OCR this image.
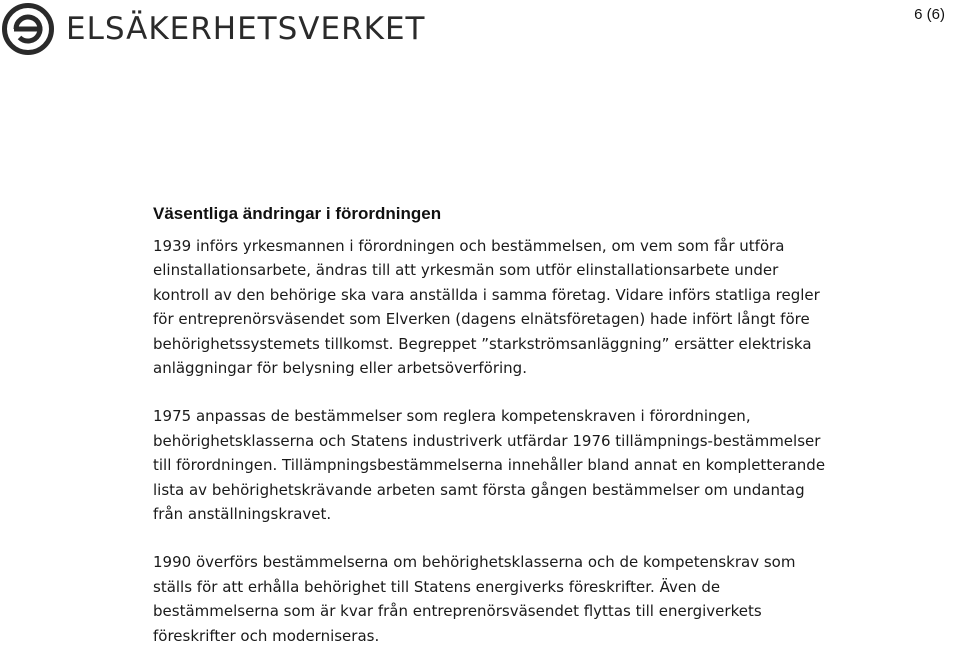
ELSÄKERHETSVERKET	6 (6)
Väsentliga ändringar i förordningen

1939 införs yrkesmannen i förordningen och bestämmelsen, om vem som får utföra elinstallationsarbete, ändras till att yrkesmän som utför elinstallationsarbete under kontroll av den behörige ska vara anställda i samma företag. Vidare införs statliga regler för entreprenörsväsendet som Elverken (dagens elnätsföretagen) hade infört långt före behörighetssystemets tillkomst. Begreppet ”starkströmsanläggning” ersätter elektriska anläggningar för belysning eller arbetsöverföring.

1975 anpassas de bestämmelser som reglera kompetenskraven i förordningen, behörighetsklasserna och Statens industriverk utfärdar 1976 tillämpnings-bestämmelser till förordningen. Tillämpningsbestämmelserna innehåller bland annat en kompletterande lista av behörighetskrävande arbeten samt första gången bestämmelser om undantag från anställningskravet.

1990 överförs bestämmelserna om behörighetsklasserna och de kompetenskrav som ställs för att erhålla behörighet till Statens energiverks föreskrifter. Även de bestämmelserna som är kvar från entreprenörsväsendet flyttas till energiverkets föreskrifter och moderniseras.
